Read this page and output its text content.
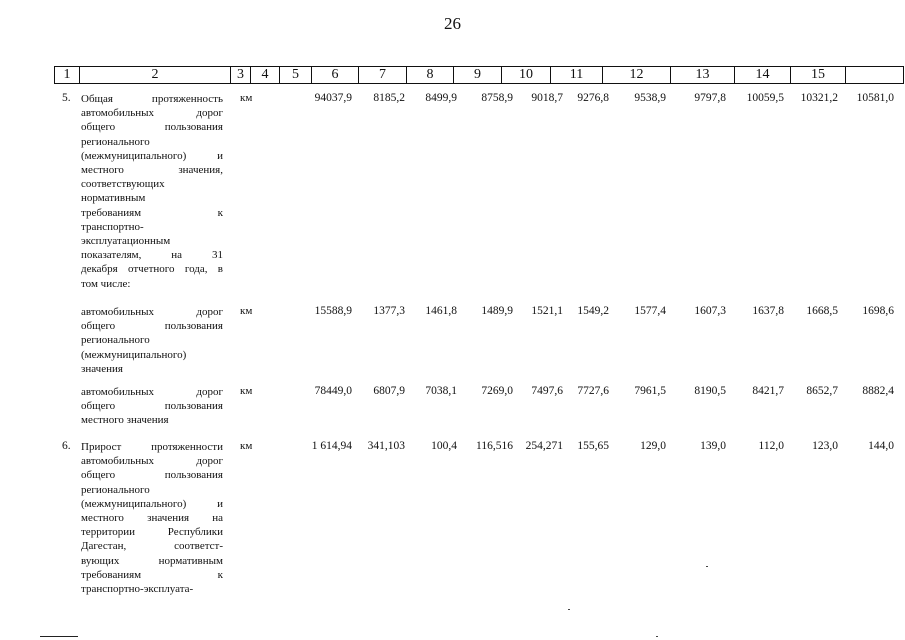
26
1	2	3	4	5	6	7	8	9	10	11	12	13	14	15
5. Общая протяженность
автомобильных дорог
общего пользования
регионального
(межмуниципального) и
местного значения,
соответствующих
нормативным
требованиям к
транспортно-
эксплуатационным
показателям, на 31
декабря отчетного года, в
том числе:
км	94037,9 8185,2 8499,9 8758,9 9018,7 9276,8 9538,9 9797,8 10059,5 10321,2 10581,0
автомобильных дорог
общего пользования
регионального
(межмуниципального)
значения
км	15588,9 1377,3 1461,8 1489,9 1521,1 1549,2 1577,4 1607,3 1637,8 1668,5 1698,6
автомобильных дорог
общего пользования
местного значения
км	78449,0 6807,9 7038,1 7269,0 7497,6 7727,6 7961,5 8190,5 8421,7 8652,7 8882,4
6. Прирост протяженности
автомобильных дорог
общего пользования
регионального
(межмуниципального) и
местного значения на
территории Республики
Дагестан, соответст-
вующих нормативным
требованиям к
транспортно-эксплуата-
км	1 614,94 341,103 100,4 116,516 254,271 155,65	129,0	139,0	112,0 123,0	144,0
